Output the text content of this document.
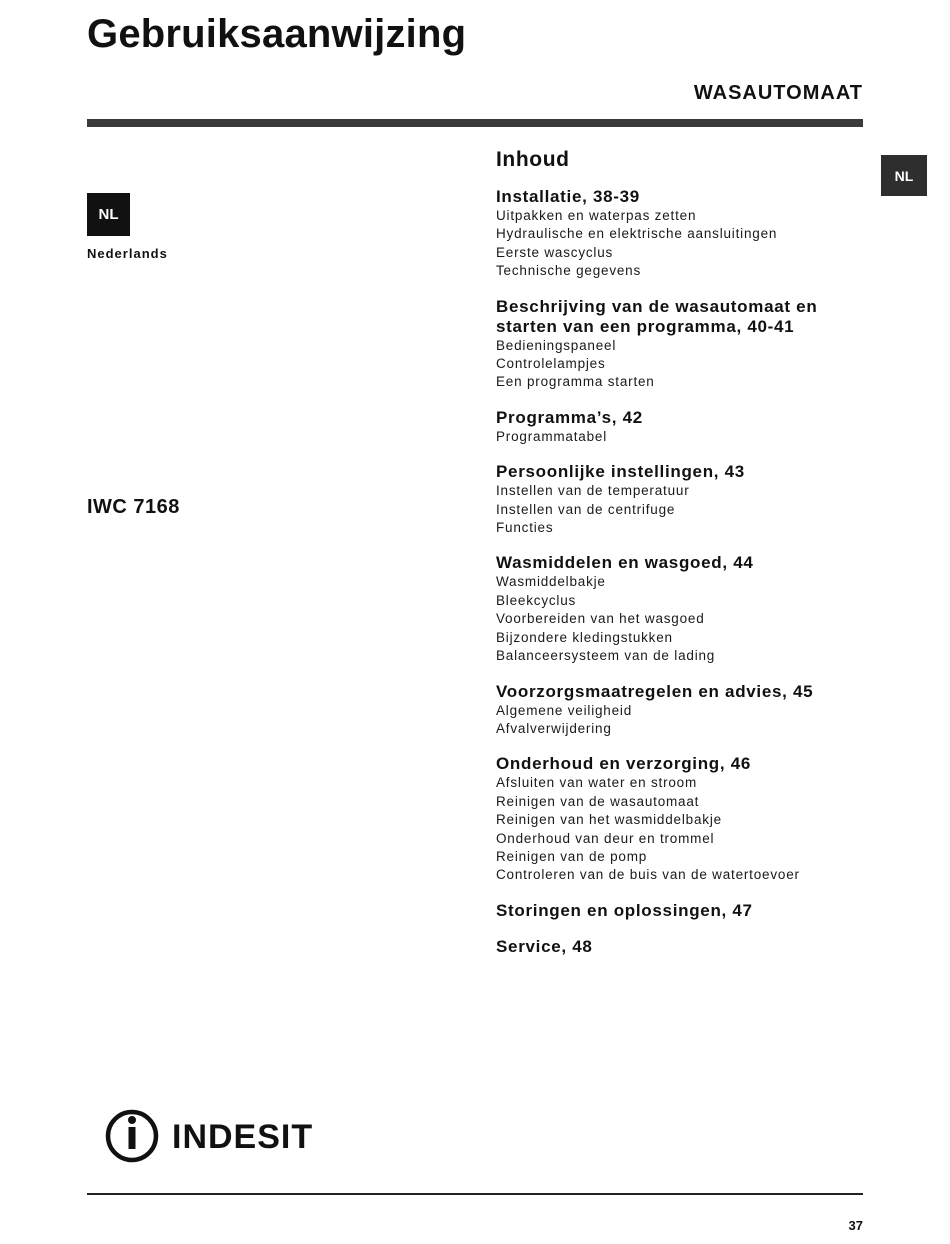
Gebruiksaanwijzing
WASAUTOMAAT
NL
Nederlands
IWC 7168
NL
Inhoud
Installatie, 38-39
Uitpakken en waterpas zetten
Hydraulische en elektrische aansluitingen
Eerste wascyclus
Technische gegevens
Beschrijving van de wasautomaat en starten van een programma, 40-41
Bedieningspaneel
Controlelampjes
Een programma starten
Programma’s, 42
Programmatabel
Persoonlijke instellingen, 43
Instellen van de temperatuur
Instellen van de centrifuge
Functies
Wasmiddelen en wasgoed, 44
Wasmiddelbakje
Bleekcyclus
Voorbereiden van het wasgoed
Bijzondere kledingstukken
Balanceersysteem van de lading
Voorzorgsmaatregelen en advies, 45
Algemene veiligheid
Afvalverwijdering
Onderhoud en verzorging, 46
Afsluiten van water en stroom
Reinigen van de wasautomaat
Reinigen van het wasmiddelbakje
Onderhoud van deur en trommel
Reinigen van de pomp
Controleren van de buis van de watertoevoer
Storingen en oplossingen, 47
Service, 48
INDESIT
37
